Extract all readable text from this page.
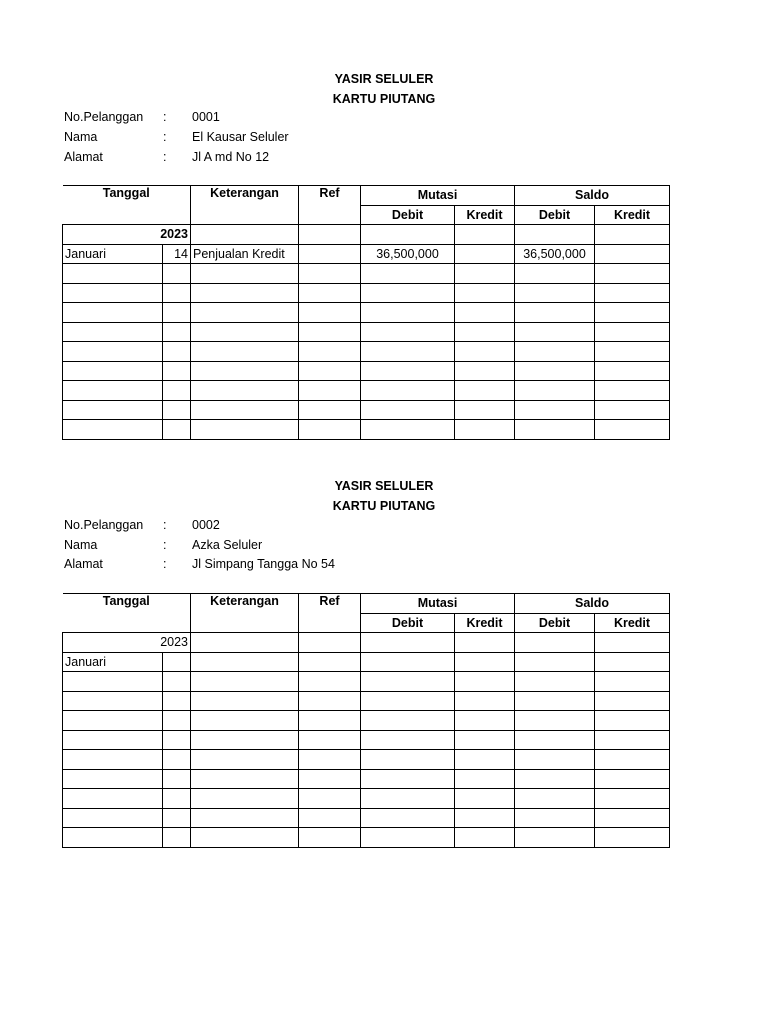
YASIR SELULER
KARTU PIUTANG
No.Pelanggan : 0001
Nama	: El Kausar Seluler
Alamat	: Jl A md No 12
Tanggal		Keterangan	Ref	Mutasi		Saldo	
				Debit	Kredit	Debit	Kredit
2023							
Januari	14	Penjualan Kredit		36,500,000		36,500,000	

YASIR SELULER
KARTU PIUTANG
No.Pelanggan : 0002
Nama	: Azka Seluler
Alamat	: Jl Simpang Tangga No 54
Tanggal		Keterangan	Ref	Mutasi		Saldo	
				Debit	Kredit	Debit	Kredit
2023							
Januari							
